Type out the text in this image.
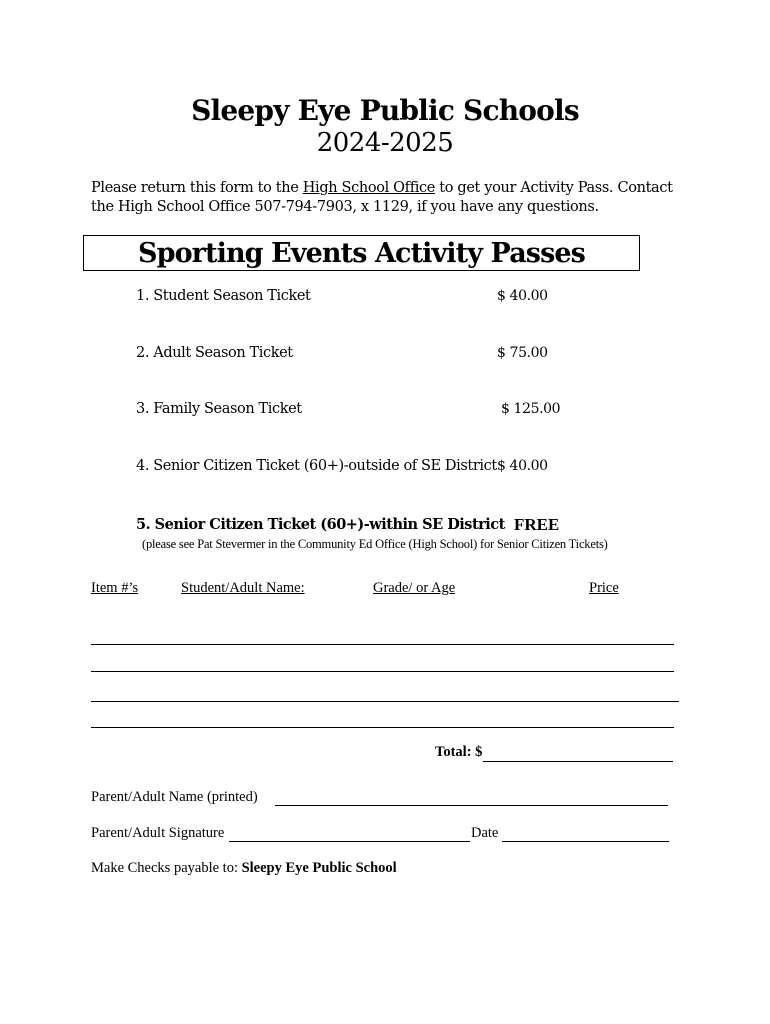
Sleepy Eye Public Schools
2024-2025
Please return this form to the High School Office to get your Activity Pass. Contact the High School Office 507-794-7903, x 1129, if you have any questions.
Sporting Events Activity Passes
1. Student Season Ticket	$ 40.00
2. Adult Season Ticket	$ 75.00
3. Family Season Ticket	$ 125.00
4. Senior Citizen Ticket (60+)-outside of SE District $ 40.00
5. Senior Citizen Ticket (60+)-within SE District FREE
(please see Pat Stevermer in the Community Ed Office (High School) for Senior Citizen Tickets)
Item #’s	Student/Adult Name:	Grade/ or Age	Price
Total: $
Parent/Adult Name (printed)
Parent/Adult Signature	Date
Make Checks payable to: Sleepy Eye Public School
